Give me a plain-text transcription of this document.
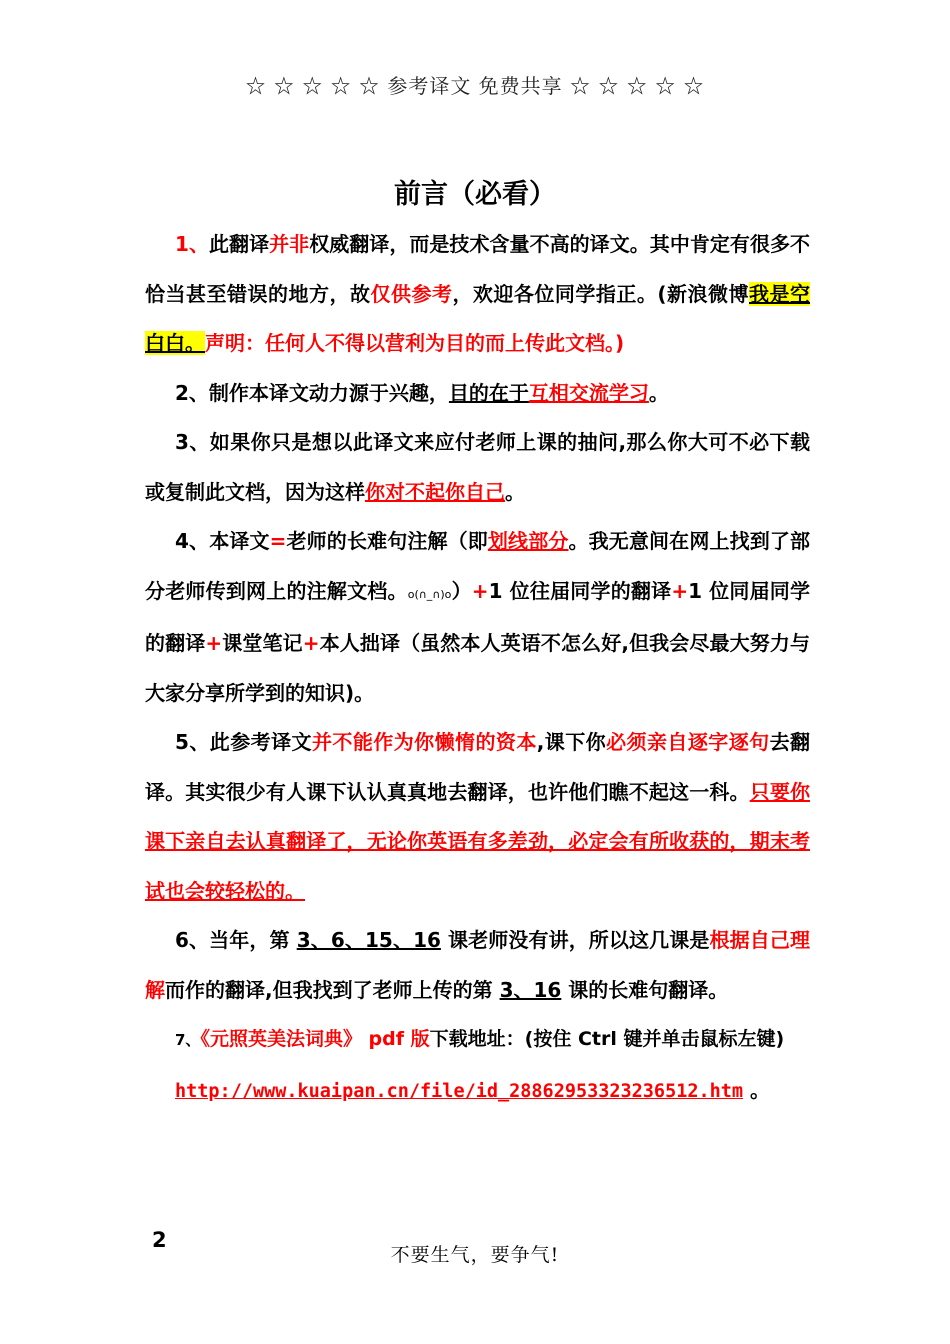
☆ ☆ ☆ ☆ ☆ 参考译文 免费共享 ☆ ☆ ☆ ☆ ☆
前言（必看）

1、此翻译并非权威翻译，而是技术含量不高的译文。其中肯定有很多不恰当甚至错误的地方，故仅供参考，欢迎各位同学指正。(新浪微博我是空白白。声明：任何人不得以营利为目的而上传此文档。)

2、制作本译文动力源于兴趣，目的在于互相交流学习。

3、如果你只是想以此译文来应付老师上课的抽问,那么你大可不必下载或复制此文档，因为这样你对不起你自己。

4、本译文=老师的长难句注解（即划线部分。我无意间在网上找到了部分老师传到网上的注解文档。o(∩_∩)o）+1 位往届同学的翻译+1 位同届同学的翻译+课堂笔记+本人拙译（虽然本人英语不怎么好,但我会尽最大努力与大家分享所学到的知识)。

5、此参考译文并不能作为你懒惰的资本,课下你必须亲自逐字逐句去翻译。其实很少有人课下认认真真地去翻译，也许他们瞧不起这一科。只要你课下亲自去认真翻译了，无论你英语有多差劲，必定会有所收获的，期末考试也会较轻松的。

6、当年，第 3、6、15、16 课老师没有讲，所以这几课是根据自己理解而作的翻译,但我找到了老师上传的第 3、16 课的长难句翻译。

7、《元照英美法词典》 pdf 版下载地址：(按住 Ctrl 键并单击鼠标左键)

http://www.kuaipan.cn/file/id_28862953323236512.htm 。

2
不要生气，要争气!
